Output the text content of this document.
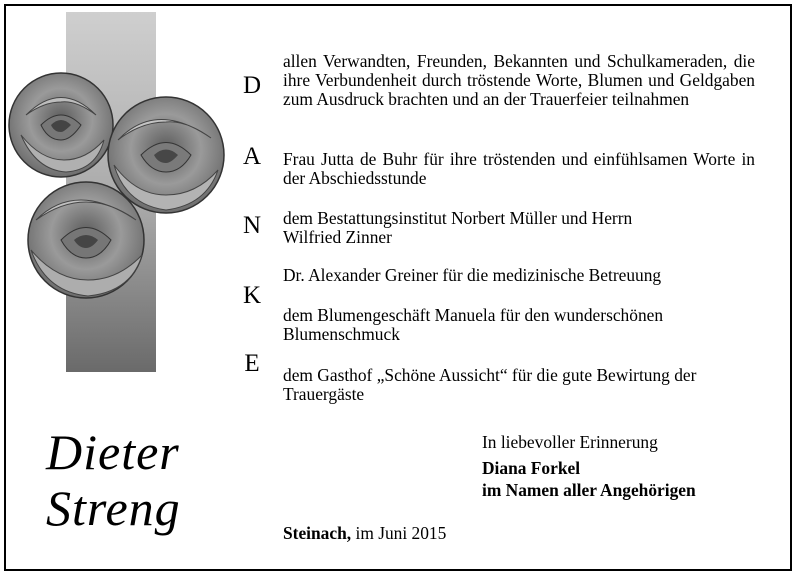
D
A
N
K
E
allen Verwandten, Freunden, Bekannten und Schulkameraden, die ihre Verbundenheit durch tröstende Worte, Blumen und Geldgaben zum Ausdruck brachten und an der Trauerfeier teilnahmen
Frau Jutta de Buhr für ihre tröstenden und einfühlsamen Worte in der Abschiedsstunde
dem Bestattungsinstitut Norbert Müller und Herrn Wilfried Zinner
Dr. Alexander Greiner für die medizinische Betreuung
dem Blumengeschäft Manuela für den wunderschönen Blumenschmuck
dem Gasthof „Schöne Aussicht“ für die gute Bewirtung der Trauergäste
Dieter
Streng
In liebevoller Erinnerung
Diana Forkel
im Namen aller Angehörigen
Steinach, im Juni 2015
